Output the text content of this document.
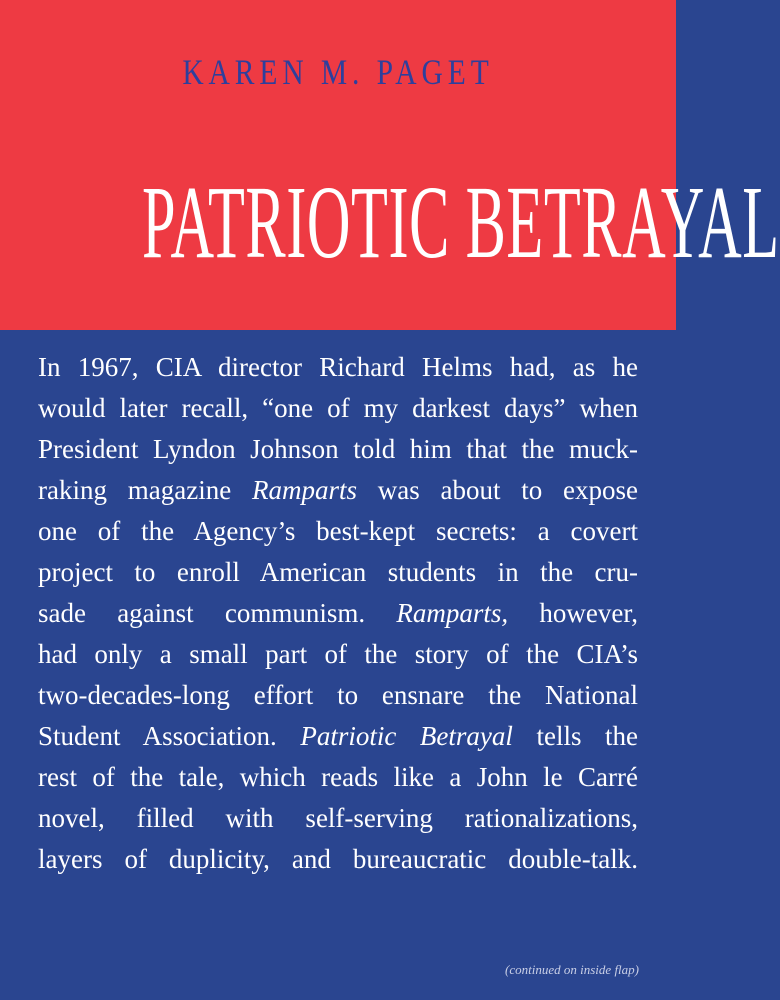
KAREN M. PAGET
PATRIOTIC BETRAYAL
In 1967, CIA director Richard Helms had, as he
would later recall, “one of my darkest days” when
President Lyndon Johnson told him that the muck-
raking magazine Ramparts was about to expose
one of the Agency’s best-kept secrets: a covert
project to enroll American students in the cru-
sade against communism. Ramparts, however,
had only a small part of the story of the CIA’s
two-decades-long effort to ensnare the National
Student Association. Patriotic Betrayal tells the
rest of the tale, which reads like a John le Carré
novel, filled with self-serving rationalizations,
layers of duplicity, and bureaucratic double-talk.
(continued on inside flap)
